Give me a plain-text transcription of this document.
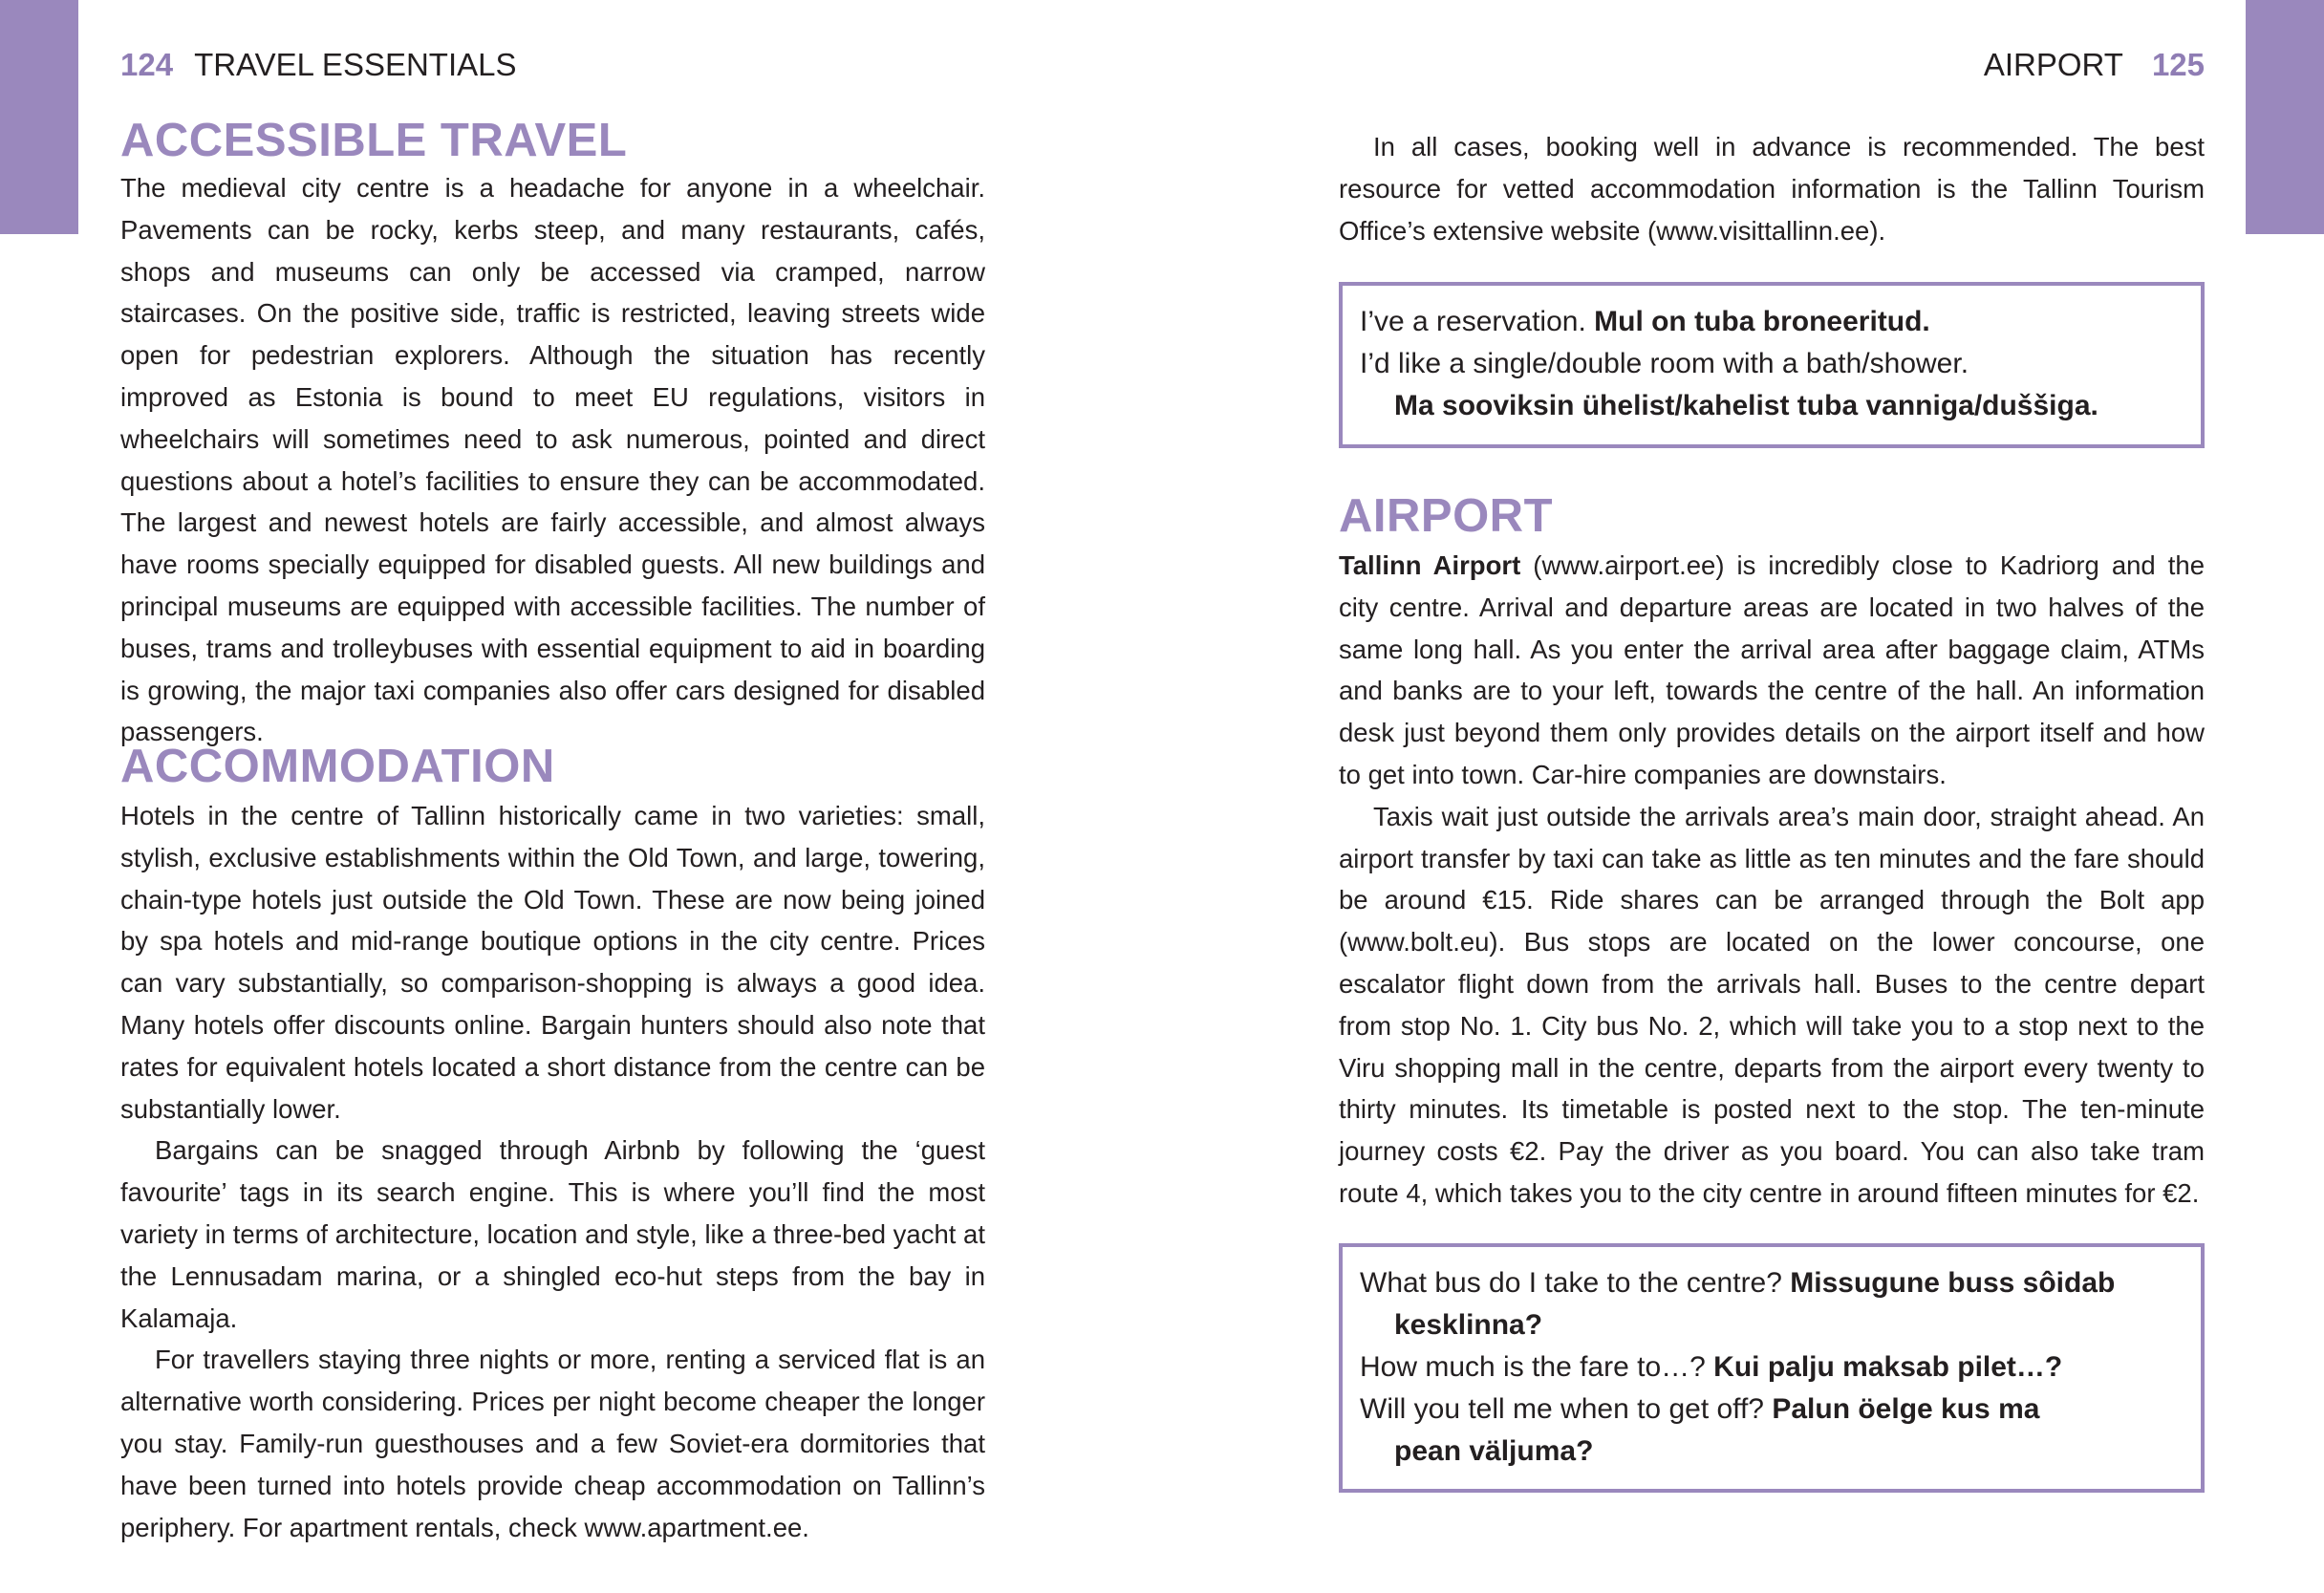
124 TRAVEL ESSENTIALS
ACCESSIBLE TRAVEL

The medieval city centre is a headache for anyone in a wheelchair. Pavements can be rocky, kerbs steep, and many restaurants, cafés, shops and museums can only be accessed via cramped, narrow staircases. On the positive side, traffic is restricted, leaving streets wide open for pedestrian explorers. Although the situation has recently improved as Estonia is bound to meet EU regulations, visitors in wheelchairs will sometimes need to ask numerous, pointed and direct questions about a hotel’s facilities to ensure they can be accommodated. The largest and newest hotels are fairly accessible, and almost always have rooms specially equipped for disabled guests. All new buildings and principal museums are equipped with accessible facilities. The number of buses, trams and trolleybuses with essential equipment to aid in boarding is growing, the major taxi companies also offer cars designed for disabled passengers.

ACCOMMODATION

Hotels in the centre of Tallinn historically came in two varieties: small, stylish, exclusive establishments within the Old Town, and large, towering, chain-type hotels just outside the Old Town. These are now being joined by spa hotels and mid-range boutique options in the city centre. Prices can vary substantially, so comparison-shopping is always a good idea. Many hotels offer discounts online. Bargain hunters should also note that rates for equivalent hotels located a short distance from the centre can be substantially lower.

Bargains can be snagged through Airbnb by following the ‘guest favourite’ tags in its search engine. This is where you’ll find the most variety in terms of architecture, location and style, like a three-bed yacht at the Lennusadam marina, or a shingled eco-hut steps from the bay in Kalamaja.

For travellers staying three nights or more, renting a serviced flat is an alternative worth considering. Prices per night become cheaper the longer you stay. Family-run guesthouses and a few Soviet-era dormitories that have been turned into hotels provide cheap accommodation on Tallinn’s periphery. For apartment rentals, check www.apartment.ee.

AIRPORT 125

In all cases, booking well in advance is recommended. The best resource for vetted accommodation information is the Tallinn Tourism Office’s extensive website (www.visittallinn.ee).

I’ve a reservation. Mul on tuba broneeritud.
I’d like a single/double room with a bath/shower.
Ma sooviksin ühelist/kahelist tuba vanniga/duššiga.
AIRPORT

Tallinn Airport (www.airport.ee) is incredibly close to Kadriorg and the city centre. Arrival and departure areas are located in two halves of the same long hall. As you enter the arrival area after baggage claim, ATMs and banks are to your left, towards the centre of the hall. An information desk just beyond them only provides details on the airport itself and how to get into town. Car-hire companies are downstairs.

Taxis wait just outside the arrivals area’s main door, straight ahead. An airport transfer by taxi can take as little as ten minutes and the fare should be around €15. Ride shares can be arranged through the Bolt app (www.bolt.eu). Bus stops are located on the lower concourse, one escalator flight down from the arrivals hall. Buses to the centre depart from stop No. 1. City bus No. 2, which will take you to a stop next to the Viru shopping mall in the centre, departs from the airport every twenty to thirty minutes. Its timetable is posted next to the stop. The ten-minute journey costs €2. Pay the driver as you board. You can also take tram route 4, which takes you to the city centre in around fifteen minutes for €2.

What bus do I take to the centre? Missugune buss sôidab
kesklinna?
How much is the fare to…? Kui palju maksab pilet…?
Will you tell me when to get off? Palun öelge kus ma
pean väljuma?
